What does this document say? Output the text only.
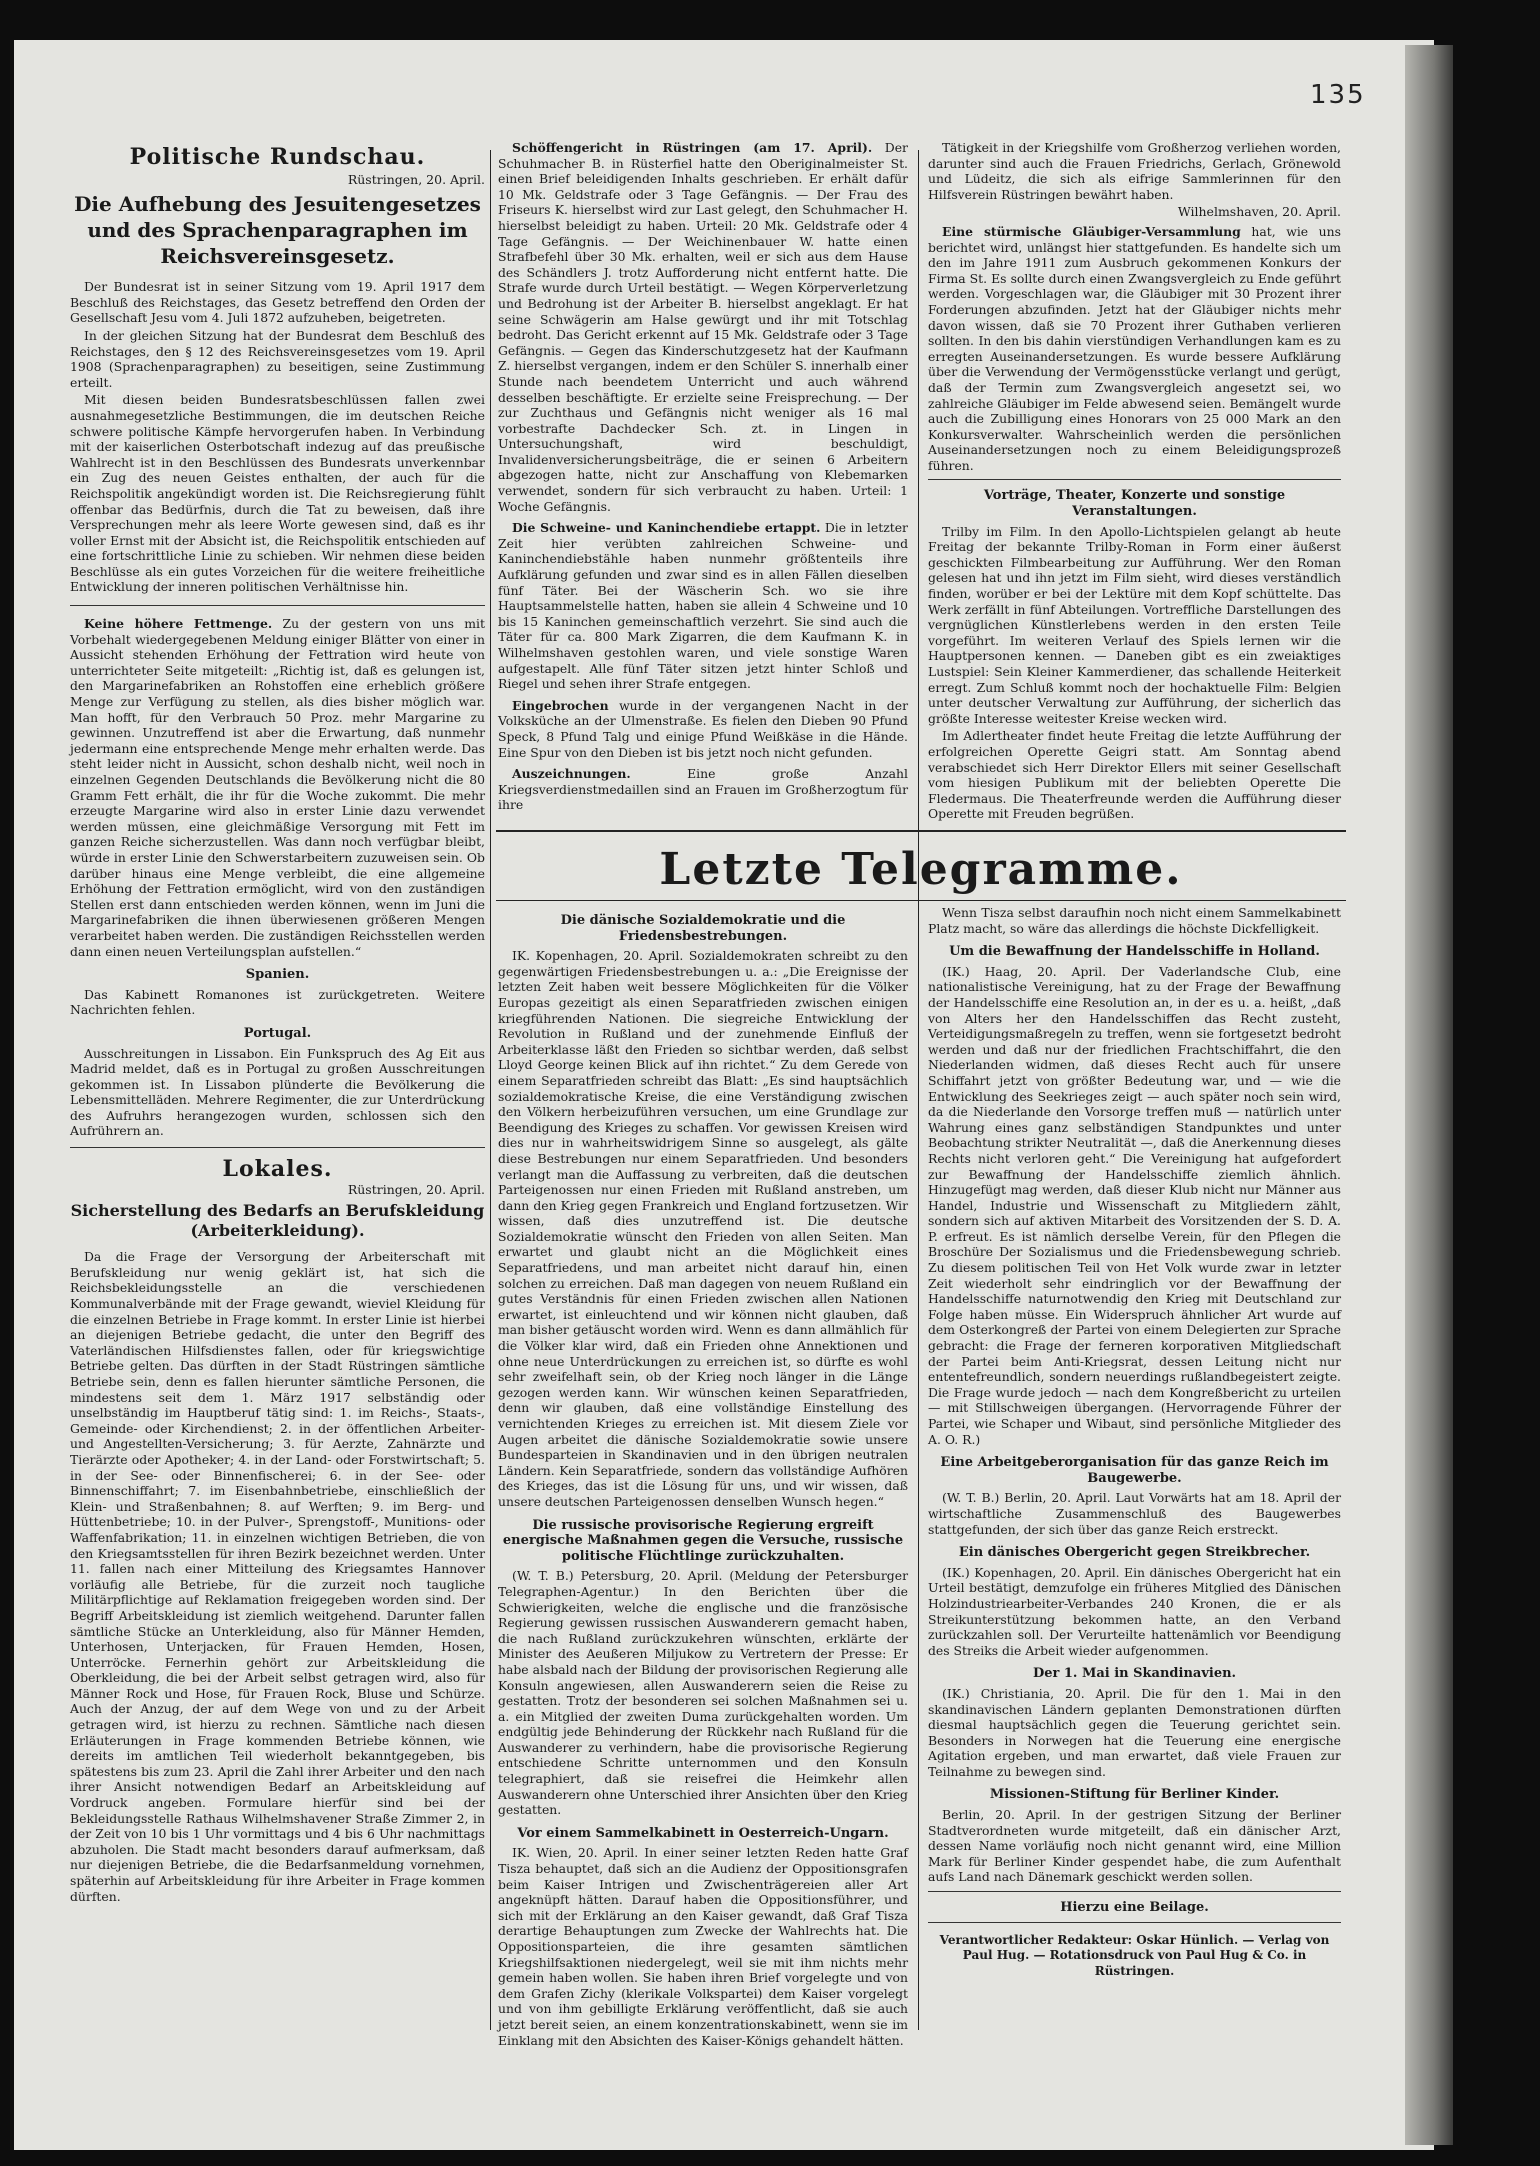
135
Politische Rundschau.
Rüstringen, 20. April.
Die Aufhebung des Jesuitengesetzes und des Sprachenparagraphen im Reichsvereinsgesetz.

Der Bundesrat ist in seiner Sitzung vom 19. April 1917 dem Beschluß des Reichstages, das Gesetz betreffend den Orden der Gesellschaft Jesu vom 4. Juli 1872 aufzuheben, beigetreten.

In der gleichen Sitzung hat der Bundesrat dem Beschluß des Reichstages, den § 12 des Reichsvereinsgesetzes vom 19. April 1908 (Sprachenparagraphen) zu beseitigen, seine Zustimmung erteilt.

Mit diesen beiden Bundesratsbeschlüssen fallen zwei ausnahmegesetzliche Bestimmungen, die im deutschen Reiche schwere politische Kämpfe hervorgerufen haben. In Verbindung mit der kaiserlichen Osterbotschaft indezug auf das preußische Wahlrecht ist in den Beschlüssen des Bundesrats unverkennbar ein Zug des neuen Geistes enthalten, der auch für die Reichspolitik angekündigt worden ist. Die Reichsregierung fühlt offenbar das Bedürfnis, durch die Tat zu beweisen, daß ihre Versprechungen mehr als leere Worte gewesen sind, daß es ihr voller Ernst mit der Absicht ist, die Reichspolitik entschieden auf eine fortschrittliche Linie zu schieben. Wir nehmen diese beiden Beschlüsse als ein gutes Vorzeichen für die weitere freiheitliche Entwicklung der inneren politischen Verhältnisse hin.

Keine höhere Fettmenge. Zu der gestern von uns mit Vorbehalt wiedergegebenen Meldung einiger Blätter von einer in Aussicht stehenden Erhöhung der Fettration wird heute von unterrichteter Seite mitgeteilt: „Richtig ist, daß es gelungen ist, den Margarinefabriken an Rohstoffen eine erheblich größere Menge zur Verfügung zu stellen, als dies bisher möglich war. Man hofft, für den Verbrauch 50 Proz. mehr Margarine zu gewinnen. Unzutreffend ist aber die Erwartung, daß nunmehr jedermann eine entsprechende Menge mehr erhalten werde. Das steht leider nicht in Aussicht, schon deshalb nicht, weil noch in einzelnen Gegenden Deutschlands die Bevölkerung nicht die 80 Gramm Fett erhält, die ihr für die Woche zukommt. Die mehr erzeugte Margarine wird also in erster Linie dazu verwendet werden müssen, eine gleichmäßige Versorgung mit Fett im ganzen Reiche sicherzustellen. Was dann noch verfügbar bleibt, würde in erster Linie den Schwerstarbeitern zuzuweisen sein. Ob darüber hinaus eine Menge verbleibt, die eine allgemeine Erhöhung der Fettration ermöglicht, wird von den zuständigen Stellen erst dann entschieden werden können, wenn im Juni die Margarinefabriken die ihnen überwiesenen größeren Mengen verarbeitet haben werden. Die zuständigen Reichsstellen werden dann einen neuen Verteilungsplan aufstellen.“

Spanien.

Das Kabinett Romanones ist zurückgetreten. Weitere Nachrichten fehlen.

Portugal.

Ausschreitungen in Lissabon. Ein Funkspruch des Ag Eit aus Madrid meldet, daß es in Portugal zu großen Ausschreitungen gekommen ist. In Lissabon plünderte die Bevölkerung die Lebensmittelläden. Mehrere Regimenter, die zur Unterdrückung des Aufruhrs herangezogen wurden, schlossen sich den Aufrührern an.

Lokales.
Rüstringen, 20. April.
Sicherstellung des Bedarfs an Berufskleidung (Arbeiterkleidung).

Da die Frage der Versorgung der Arbeiterschaft mit Berufskleidung nur wenig geklärt ist, hat sich die Reichsbekleidungsstelle an die verschiedenen Kommunalverbände mit der Frage gewandt, wieviel Kleidung für die einzelnen Betriebe in Frage kommt. In erster Linie ist hierbei an diejenigen Betriebe gedacht, die unter den Begriff des Vaterländischen Hilfsdienstes fallen, oder für kriegswichtige Betriebe gelten. Das dürften in der Stadt Rüstringen sämtliche Betriebe sein, denn es fallen hierunter sämtliche Personen, die mindestens seit dem 1. März 1917 selbständig oder unselbständig im Hauptberuf tätig sind: 1. im Reichs-, Staats-, Gemeinde- oder Kirchendienst; 2. in der öffentlichen Arbeiter- und Angestellten-Versicherung; 3. für Aerzte, Zahnärzte und Tierärzte oder Apotheker; 4. in der Land- oder Forstwirtschaft; 5. in der See- oder Binnenfischerei; 6. in der See- oder Binnenschiffahrt; 7. im Eisenbahnbetriebe, einschließlich der Klein- und Straßenbahnen; 8. auf Werften; 9. im Berg- und Hüttenbetriebe; 10. in der Pulver-, Sprengstoff-, Munitions- oder Waffenfabrikation; 11. in einzelnen wichtigen Betrieben, die von den Kriegsamtsstellen für ihren Bezirk bezeichnet werden. Unter 11. fallen nach einer Mitteilung des Kriegsamtes Hannover vorläufig alle Betriebe, für die zurzeit noch taugliche Militärpflichtige auf Reklamation freigegeben worden sind. Der Begriff Arbeitskleidung ist ziemlich weitgehend. Darunter fallen sämtliche Stücke an Unterkleidung, also für Männer Hemden, Unterhosen, Unterjacken, für Frauen Hemden, Hosen, Unterröcke. Fernerhin gehört zur Arbeitskleidung die Oberkleidung, die bei der Arbeit selbst getragen wird, also für Männer Rock und Hose, für Frauen Rock, Bluse und Schürze. Auch der Anzug, der auf dem Wege von und zu der Arbeit getragen wird, ist hierzu zu rechnen. Sämtliche nach diesen Erläuterungen in Frage kommenden Betriebe können, wie dereits im amtlichen Teil wiederholt bekanntgegeben, bis spätestens bis zum 23. April die Zahl ihrer Arbeiter und den nach ihrer Ansicht notwendigen Bedarf an Arbeitskleidung auf Vordruck angeben. Formulare hierfür sind bei der Bekleidungsstelle Rathaus Wilhelmshavener Straße Zimmer 2, in der Zeit von 10 bis 1 Uhr vormittags und 4 bis 6 Uhr nachmittags abzuholen. Die Stadt macht besonders darauf aufmerksam, daß nur diejenigen Betriebe, die die Bedarfsanmeldung vornehmen, späterhin auf Arbeitskleidung für ihre Arbeiter in Frage kommen dürften.

Schöffengericht in Rüstringen (am 17. April). Der Schuhmacher B. in Rüsterfiel hatte den Oberiginalmeister St. einen Brief beleidigenden Inhalts geschrieben. Er erhält dafür 10 Mk. Geldstrafe oder 3 Tage Gefängnis. — Der Frau des Friseurs K. hierselbst wird zur Last gelegt, den Schuhmacher H. hierselbst beleidigt zu haben. Urteil: 20 Mk. Geldstrafe oder 4 Tage Gefängnis. — Der Weichinenbauer W. hatte einen Strafbefehl über 30 Mk. erhalten, weil er sich aus dem Hause des Schändlers J. trotz Aufforderung nicht entfernt hatte. Die Strafe wurde durch Urteil bestätigt. — Wegen Körperverletzung und Bedrohung ist der Arbeiter B. hierselbst angeklagt. Er hat seine Schwägerin am Halse gewürgt und ihr mit Totschlag bedroht. Das Gericht erkennt auf 15 Mk. Geldstrafe oder 3 Tage Gefängnis. — Gegen das Kinderschutzgesetz hat der Kaufmann Z. hierselbst vergangen, indem er den Schüler S. innerhalb einer Stunde nach beendetem Unterricht und auch während desselben beschäftigte. Er erzielte seine Freisprechung. — Der zur Zuchthaus und Gefängnis nicht weniger als 16 mal vorbestrafte Dachdecker Sch. zt. in Lingen in Untersuchungshaft, wird beschuldigt, Invalidenversicherungsbeiträge, die er seinen 6 Arbeitern abgezogen hatte, nicht zur Anschaffung von Klebemarken verwendet, sondern für sich verbraucht zu haben. Urteil: 1 Woche Gefängnis.

Die Schweine- und Kaninchendiebe ertappt. Die in letzter Zeit hier verübten zahlreichen Schweine- und Kaninchendiebstähle haben nunmehr größtenteils ihre Aufklärung gefunden und zwar sind es in allen Fällen dieselben fünf Täter. Bei der Wäscherin Sch. wo sie ihre Hauptsammelstelle hatten, haben sie allein 4 Schweine und 10 bis 15 Kaninchen gemeinschaftlich verzehrt. Sie sind auch die Täter für ca. 800 Mark Zigarren, die dem Kaufmann K. in Wilhelmshaven gestohlen waren, und viele sonstige Waren aufgestapelt. Alle fünf Täter sitzen jetzt hinter Schloß und Riegel und sehen ihrer Strafe entgegen.

Eingebrochen wurde in der vergangenen Nacht in der Volksküche an der Ulmenstraße. Es fielen den Dieben 90 Pfund Speck, 8 Pfund Talg und einige Pfund Weißkäse in die Hände. Eine Spur von den Dieben ist bis jetzt noch nicht gefunden.

Auszeichnungen.	Eine große Anzahl Kriegsverdienstmedaillen sind an Frauen im Großherzogtum für ihre

Tätigkeit in der Kriegshilfe vom Großherzog verliehen worden, darunter sind auch die Frauen Friedrichs, Gerlach, Grönewold und Lüdeitz, die sich als eifrige Sammlerinnen für den Hilfsverein Rüstringen bewährt haben.

Wilhelmshaven, 20. April.

Eine stürmische Gläubiger-Versammlung hat, wie uns berichtet wird, unlängst hier stattgefunden. Es handelte sich um den im Jahre 1911 zum Ausbruch gekommenen Konkurs der Firma St. Es sollte durch einen Zwangsvergleich zu Ende geführt werden. Vorgeschlagen war, die Gläubiger mit 30 Prozent ihrer Forderungen abzufinden. Jetzt hat der Gläubiger nichts mehr davon wissen, daß sie 70 Prozent ihrer Guthaben verlieren sollten. In den bis dahin vierstündigen Verhandlungen kam es zu erregten Auseinandersetzungen. Es wurde bessere Aufklärung über die Verwendung der Vermögensstücke verlangt und gerügt, daß der Termin zum Zwangsvergleich angesetzt sei, wo zahlreiche Gläubiger im Felde abwesend seien. Bemängelt wurde auch die Zubilligung eines Honorars von 25 000 Mark an den Konkursverwalter. Wahrscheinlich werden die persönlichen Auseinandersetzungen noch zu einem Beleidigungsprozeß führen.

Vorträge, Theater, Konzerte und sonstige Veranstaltungen.

Trilby im Film. In den Apollo-Lichtspielen gelangt ab heute Freitag der bekannte Trilby-Roman in Form einer äußerst geschickten Filmbearbeitung zur Aufführung. Wer den Roman gelesen hat und ihn jetzt im Film sieht, wird dieses verständlich finden, worüber er bei der Lektüre mit dem Kopf schüttelte. Das Werk zerfällt in fünf Abteilungen. Vortreffliche Darstellungen des vergnüglichen Künstlerlebens werden in den ersten Teile vorgeführt. Im weiteren Verlauf des Spiels lernen wir die Hauptpersonen kennen. — Daneben gibt es ein zweiaktiges Lustspiel: Sein Kleiner Kammerdiener, das schallende Heiterkeit erregt. Zum Schluß kommt noch der hochaktuelle Film: Belgien unter deutscher Verwaltung zur Aufführung, der sicherlich das größte Interesse weitester Kreise wecken wird.

Im Adlertheater findet heute Freitag die letzte Aufführung der erfolgreichen Operette Geigri statt. Am Sonntag abend verabschiedet sich Herr Direktor Ellers mit seiner Gesellschaft vom hiesigen Publikum mit der beliebten Operette Die Fledermaus. Die Theaterfreunde werden die Aufführung dieser Operette mit Freuden begrüßen.

Letzte Telegramme.
Die dänische Sozialdemokratie und die Friedensbestrebungen.

IK. Kopenhagen, 20. April. Sozialdemokraten schreibt zu den gegenwärtigen Friedensbestrebungen u. a.: „Die Ereignisse der letzten Zeit haben weit bessere Möglichkeiten für die Völker Europas gezeitigt als einen Separatfrieden zwischen einigen kriegführenden Nationen. Die siegreiche Entwicklung der Revolution in Rußland und der zunehmende Einfluß der Arbeiterklasse läßt den Frieden so sichtbar werden, daß selbst Lloyd George keinen Blick auf ihn richtet.“ Zu dem Gerede von einem Separatfrieden schreibt das Blatt: „Es sind hauptsächlich sozialdemokratische Kreise, die eine Verständigung zwischen den Völkern herbeizuführen versuchen, um eine Grundlage zur Beendigung des Krieges zu schaffen. Vor gewissen Kreisen wird dies nur in wahrheitswidrigem Sinne so ausgelegt, als gälte diese Bestrebungen nur einem Separatfrieden. Und besonders verlangt man die Auffassung zu verbreiten, daß die deutschen Parteigenossen nur einen Frieden mit Rußland anstreben, um dann den Krieg gegen Frankreich und England fortzusetzen. Wir wissen, daß dies unzutreffend ist. Die deutsche Sozialdemokratie wünscht den Frieden von allen Seiten. Man erwartet und glaubt nicht an die Möglichkeit eines Separatfriedens, und man arbeitet nicht darauf hin, einen solchen zu erreichen. Daß man dagegen von neuem Rußland ein gutes Verständnis für einen Frieden zwischen allen Nationen erwartet, ist einleuchtend und wir können nicht glauben, daß man bisher getäuscht worden wird. Wenn es dann allmählich für die Völker klar wird, daß ein Frieden ohne Annektionen und ohne neue Unterdrückungen zu erreichen ist, so dürfte es wohl sehr zweifelhaft sein, ob der Krieg noch länger in die Länge gezogen werden kann. Wir wünschen keinen Separatfrieden, denn wir glauben, daß eine vollständige Einstellung des vernichtenden Krieges zu erreichen ist. Mit diesem Ziele vor Augen arbeitet die dänische Sozialdemokratie sowie unsere Bundesparteien in Skandinavien und in den übrigen neutralen Ländern. Kein Separatfriede, sondern das vollständige Aufhören des Krieges, das ist die Lösung für uns, und wir wissen, daß unsere deutschen Parteigenossen denselben Wunsch hegen.“

Die russische provisorische Regierung ergreift energische Maßnahmen gegen die Versuche, russische politische Flüchtlinge zurückzuhalten.

(W. T. B.) Petersburg, 20. April. (Meldung der Petersburger Telegraphen-Agentur.) In den Berichten über die Schwierigkeiten, welche die englische und die französische Regierung gewissen russischen Auswanderern gemacht haben, die nach Rußland zurückzukehren wünschten, erklärte der Minister des Aeußeren Miljukow zu Vertretern der Presse: Er habe alsbald nach der Bildung der provisorischen Regierung alle Konsuln angewiesen, allen Auswanderern seien die Reise zu gestatten. Trotz der besonderen sei solchen Maßnahmen sei u. a. ein Mitglied der zweiten Duma zurückgehalten worden. Um endgültig jede Behinderung der Rückkehr nach Rußland für die Auswanderer zu verhindern, habe die provisorische Regierung entschiedene Schritte unternommen und den Konsuln telegraphiert, daß sie reisefrei die Heimkehr allen Auswanderern ohne Unterschied ihrer Ansichten über den Krieg gestatten.

Vor einem Sammelkabinett in Oesterreich-Ungarn.

IK. Wien, 20. April. In einer seiner letzten Reden hatte Graf Tisza behauptet, daß sich an die Audienz der Oppositionsgrafen beim Kaiser Intrigen und Zwischenträgereien aller Art angeknüpft hätten. Darauf haben die Oppositionsführer, und sich mit der Erklärung an den Kaiser gewandt, daß Graf Tisza derartige Behauptungen zum Zwecke der Wahlrechts hat. Die Oppositionsparteien, die ihre gesamten sämtlichen Kriegshilfsaktionen niedergelegt, weil sie mit ihm nichts mehr gemein haben wollen. Sie haben ihren Brief vorgelegte und von dem Grafen Zichy (klerikale Volkspartei) dem Kaiser vorgelegt und von ihm gebilligte Erklärung veröffentlicht, daß sie auch jetzt bereit seien, an einem konzentrationskabinett, wenn sie im Einklang mit den Absichten des Kaiser-Königs gehandelt hätten.

Wenn Tisza selbst daraufhin noch nicht einem Sammelkabinett Platz macht, so wäre das allerdings die höchste Dickfelligkeit.

Um die Bewaffnung der Handelsschiffe in Holland.

(IK.) Haag, 20. April. Der Vaderlandsche Club, eine nationalistische Vereinigung, hat zu der Frage der Bewaffnung der Handelsschiffe eine Resolution an, in der es u. a. heißt, „daß von Alters her den Handelsschiffen das Recht zusteht, Verteidigungsmaßregeln zu treffen, wenn sie fortgesetzt bedroht werden und daß nur der friedlichen Frachtschiffahrt, die den Niederlanden widmen, daß dieses Recht auch für unsere Schiffahrt jetzt von größter Bedeutung war, und — wie die Entwicklung des Seekrieges zeigt — auch später noch sein wird, da die Niederlande den Vorsorge treffen muß — natürlich unter Wahrung eines ganz selbständigen Standpunktes und unter Beobachtung strikter Neutralität —, daß die Anerkennung dieses Rechts nicht verloren geht.“ Die Vereinigung hat aufgefordert zur Bewaffnung der Handelsschiffe ziemlich ähnlich. Hinzugefügt mag werden, daß dieser Klub nicht nur Männer aus Handel, Industrie und Wissenschaft zu Mitgliedern zählt, sondern sich auf aktiven Mitarbeit des Vorsitzenden der S. D. A. P. erfreut. Es ist nämlich derselbe Verein, für den Pflegen die Broschüre Der Sozialismus und die Friedensbewegung schrieb. Zu diesem politischen Teil von Het Volk wurde zwar in letzter Zeit wiederholt sehr eindringlich vor der Bewaffnung der Handelsschiffe naturnotwendig den Krieg mit Deutschland zur Folge haben müsse. Ein Widerspruch ähnlicher Art wurde auf dem Osterkongreß der Partei von einem Delegierten zur Sprache gebracht: die Frage der ferneren korporativen Mitgliedschaft der Partei beim Anti-Kriegsrat, dessen Leitung nicht nur ententefreundlich, sondern neuerdings rußlandbegeistert zeigte. Die Frage wurde jedoch — nach dem Kongreßbericht zu urteilen — mit Stillschweigen übergangen. (Hervorragende Führer der Partei, wie Schaper und Wibaut, sind persönliche Mitglieder des A. O. R.)

Eine Arbeitgeberorganisation für das ganze Reich im Baugewerbe.

(W. T. B.) Berlin, 20. April. Laut Vorwärts hat am 18. April der wirtschaftliche Zusammenschluß des Baugewerbes stattgefunden, der sich über das ganze Reich erstreckt.

Ein dänisches Obergericht gegen Streikbrecher.

(IK.) Kopenhagen, 20. April. Ein dänisches Obergericht hat ein Urteil bestätigt, demzufolge ein früheres Mitglied des Dänischen Holzindustriearbeiter-Verbandes 240 Kronen, die er als Streikunterstützung bekommen hatte, an den Verband zurückzahlen soll. Der Verurteilte hattenämlich vor Beendigung des Streiks die Arbeit wieder aufgenommen.

Der 1. Mai in Skandinavien.

(IK.) Christiania, 20. April. Die für den 1. Mai in den skandinavischen Ländern geplanten Demonstrationen dürften diesmal hauptsächlich gegen die Teuerung gerichtet sein. Besonders in Norwegen hat die Teuerung eine energische Agitation ergeben, und man erwartet, daß viele Frauen zur Teilnahme zu bewegen sind.

Missionen-Stiftung für Berliner Kinder.

Berlin, 20. April. In der gestrigen Sitzung der Berliner Stadtverordneten wurde mitgeteilt, daß ein dänischer Arzt, dessen Name vorläufig noch nicht genannt wird, eine Million Mark für Berliner Kinder gespendet habe, die zum Aufenthalt aufs Land nach Dänemark geschickt werden sollen.

Hierzu eine Beilage.
Verantwortlicher Redakteur: Oskar Hünlich. — Verlag von Paul Hug. — Rotationsdruck von Paul Hug & Co. in Rüstringen.
